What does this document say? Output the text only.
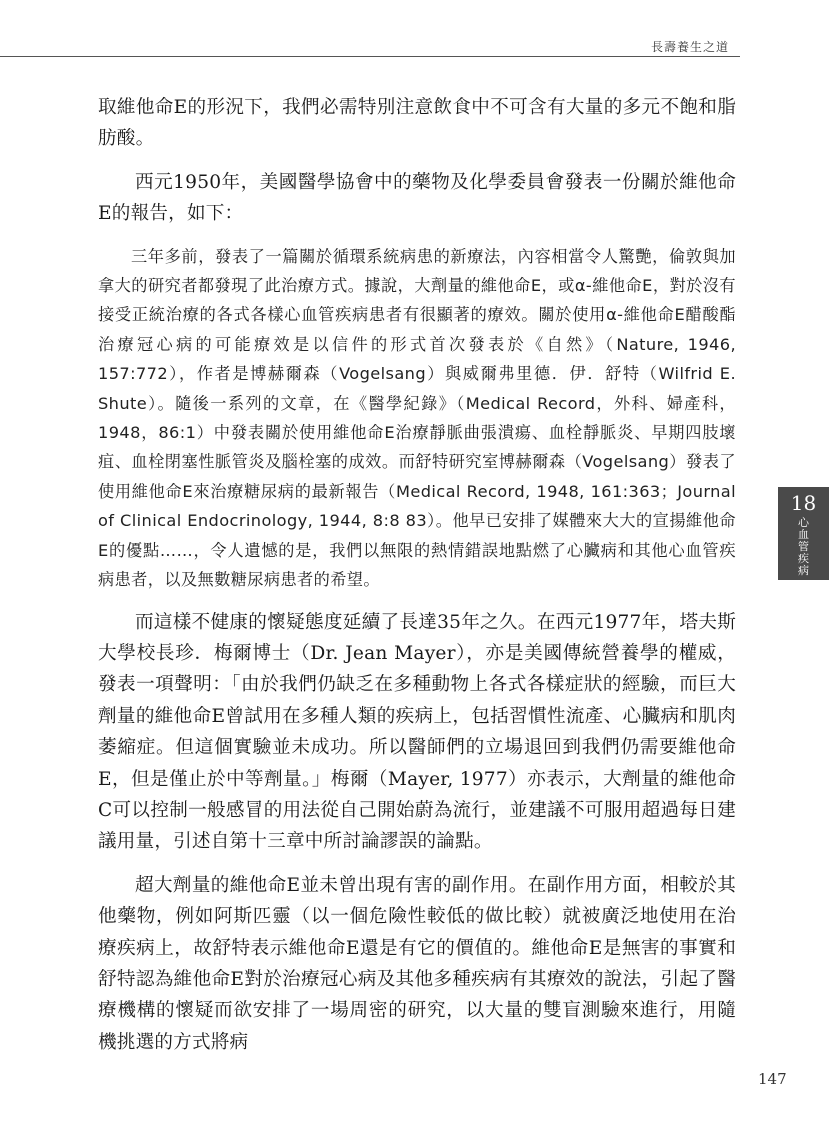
長壽養生之道

取維他命E的形況下，我們必需特別注意飲食中不可含有大量的多元不飽和脂肪酸。

西元1950年，美國醫學協會中的藥物及化學委員會發表一份關於維他命E的報告，如下：

三年多前，發表了一篇關於循環系統病患的新療法，內容相當令人驚艷，倫敦與加拿大的研究者都發現了此治療方式。據說，大劑量的維他命E，或α-維他命E，對於沒有接受正統治療的各式各樣心血管疾病患者有很顯著的療效。關於使用α-維他命E醋酸酯治療冠心病的可能療效是以信件的形式首次發表於《自然》（Nature, 1946, 157:772），作者是博赫爾森（Vogelsang）與威爾弗里德．伊．舒特（Wilfrid E. Shute）。隨後一系列的文章，在《醫學紀錄》（Medical Record，外科、婦產科，1948，86:1）中發表關於使用維他命E治療靜脈曲張潰瘍、血栓靜脈炎、早期四肢壞疽、血栓閉塞性脈管炎及腦栓塞的成效。而舒特研究室博赫爾森（Vogelsang）發表了使用維他命E來治療糖尿病的最新報告（Medical Record, 1948, 161:363；Journal of Clinical Endocrinology, 1944, 8:8 83）。他早已安排了媒體來大大的宣揚維他命E的優點……，令人遺憾的是，我們以無限的熱情錯誤地點燃了心臟病和其他心血管疾病患者，以及無數糖尿病患者的希望。

而這樣不健康的懷疑態度延續了長達35年之久。在西元1977年，塔夫斯大學校長珍．梅爾博士（Dr. Jean Mayer），亦是美國傳統營養學的權威，發表一項聲明：「由於我們仍缺乏在多種動物上各式各樣症狀的經驗，而巨大劑量的維他命E曾試用在多種人類的疾病上，包括習慣性流產、心臟病和肌肉萎縮症。但這個實驗並未成功。所以醫師們的立場退回到我們仍需要維他命E，但是僅止於中等劑量。」梅爾（Mayer, 1977）亦表示，大劑量的維他命C可以控制一般感冒的用法從自己開始蔚為流行，並建議不可服用超過每日建議用量，引述自第十三章中所討論謬誤的論點。

超大劑量的維他命E並未曾出現有害的副作用。在副作用方面，相較於其他藥物，例如阿斯匹靈（以一個危險性較低的做比較）就被廣泛地使用在治療疾病上，故舒特表示維他命E還是有它的價值的。維他命E是無害的事實和舒特認為維他命E對於治療冠心病及其他多種疾病有其療效的說法，引起了醫療機構的懷疑而欲安排了一場周密的研究，以大量的雙盲測驗來進行，用隨機挑選的方式將病

18
心血管疾病
147
